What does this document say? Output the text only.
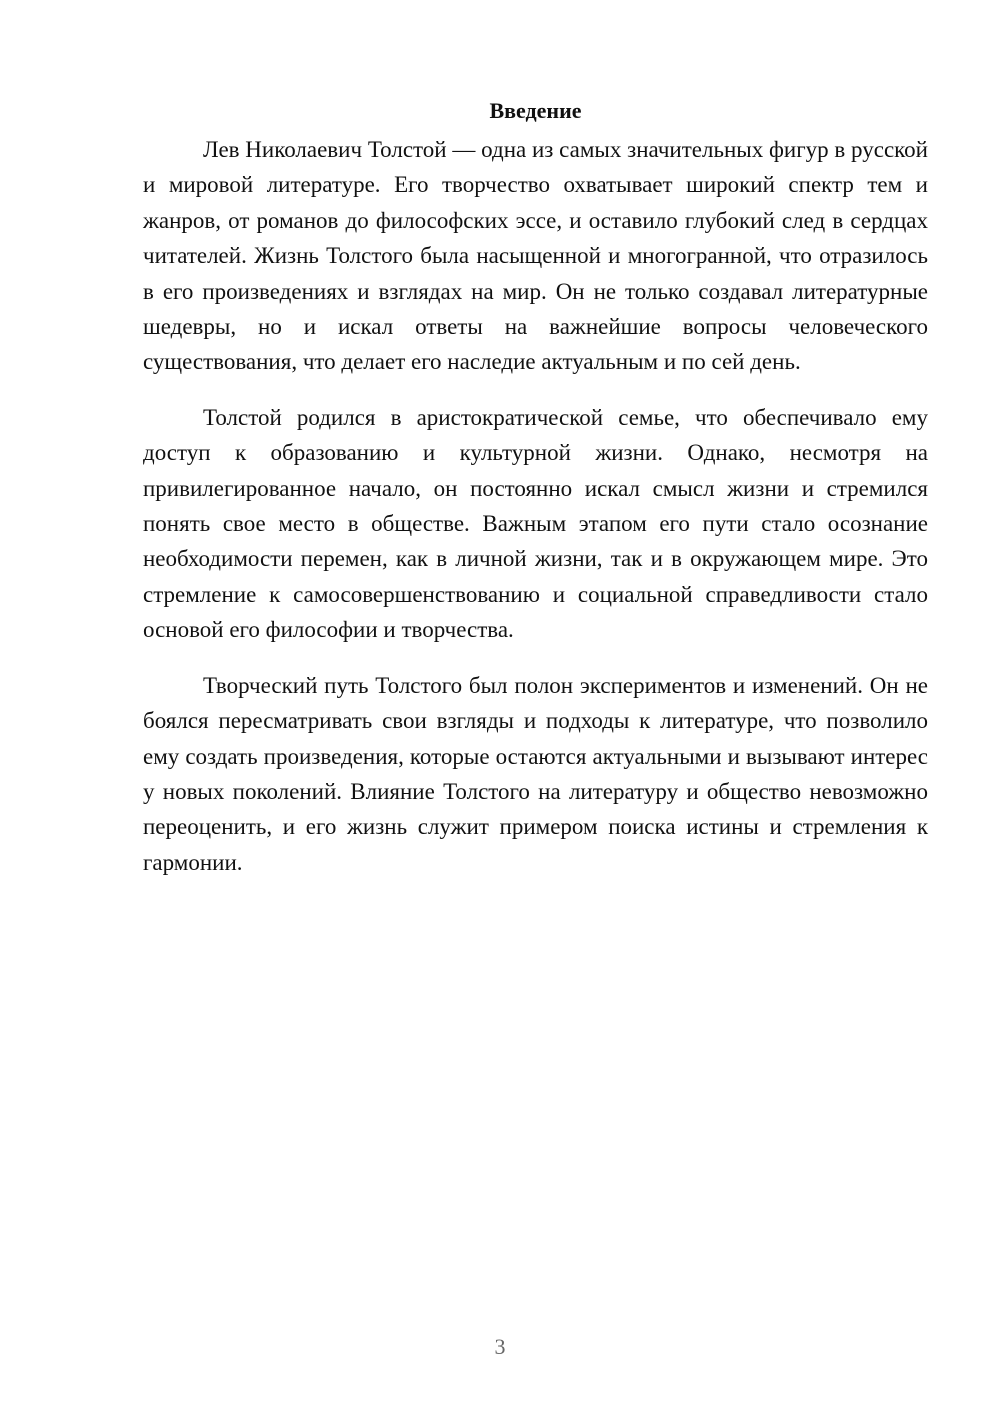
Введение

Лев Николаевич Толстой — одна из самых значительных фигур в русской и мировой литературе. Его творчество охватывает широкий спектр тем и жанров, от романов до философских эссе, и оставило глубокий след в сердцах читателей. Жизнь Толстого была насыщенной и многогранной, что отразилось в его произведениях и взглядах на мир. Он не только создавал литературные шедевры, но и искал ответы на важнейшие вопросы человеческого существования, что делает его наследие актуальным и по сей день.

Толстой родился в аристократической семье, что обеспечивало ему доступ к образованию и культурной жизни. Однако, несмотря на привилегированное начало, он постоянно искал смысл жизни и стремился понять свое место в обществе. Важным этапом его пути стало осознание необходимости перемен, как в личной жизни, так и в окружающем мире. Это стремление к самосовершенствованию и социальной справедливости стало основой его философии и творчества.

Творческий путь Толстого был полон экспериментов и изменений. Он не боялся пересматривать свои взгляды и подходы к литературе, что позволило ему создать произведения, которые остаются актуальными и вызывают интерес у новых поколений. Влияние Толстого на литературу и общество невозможно переоценить, и его жизнь служит примером поиска истины и стремления к гармонии.

3
